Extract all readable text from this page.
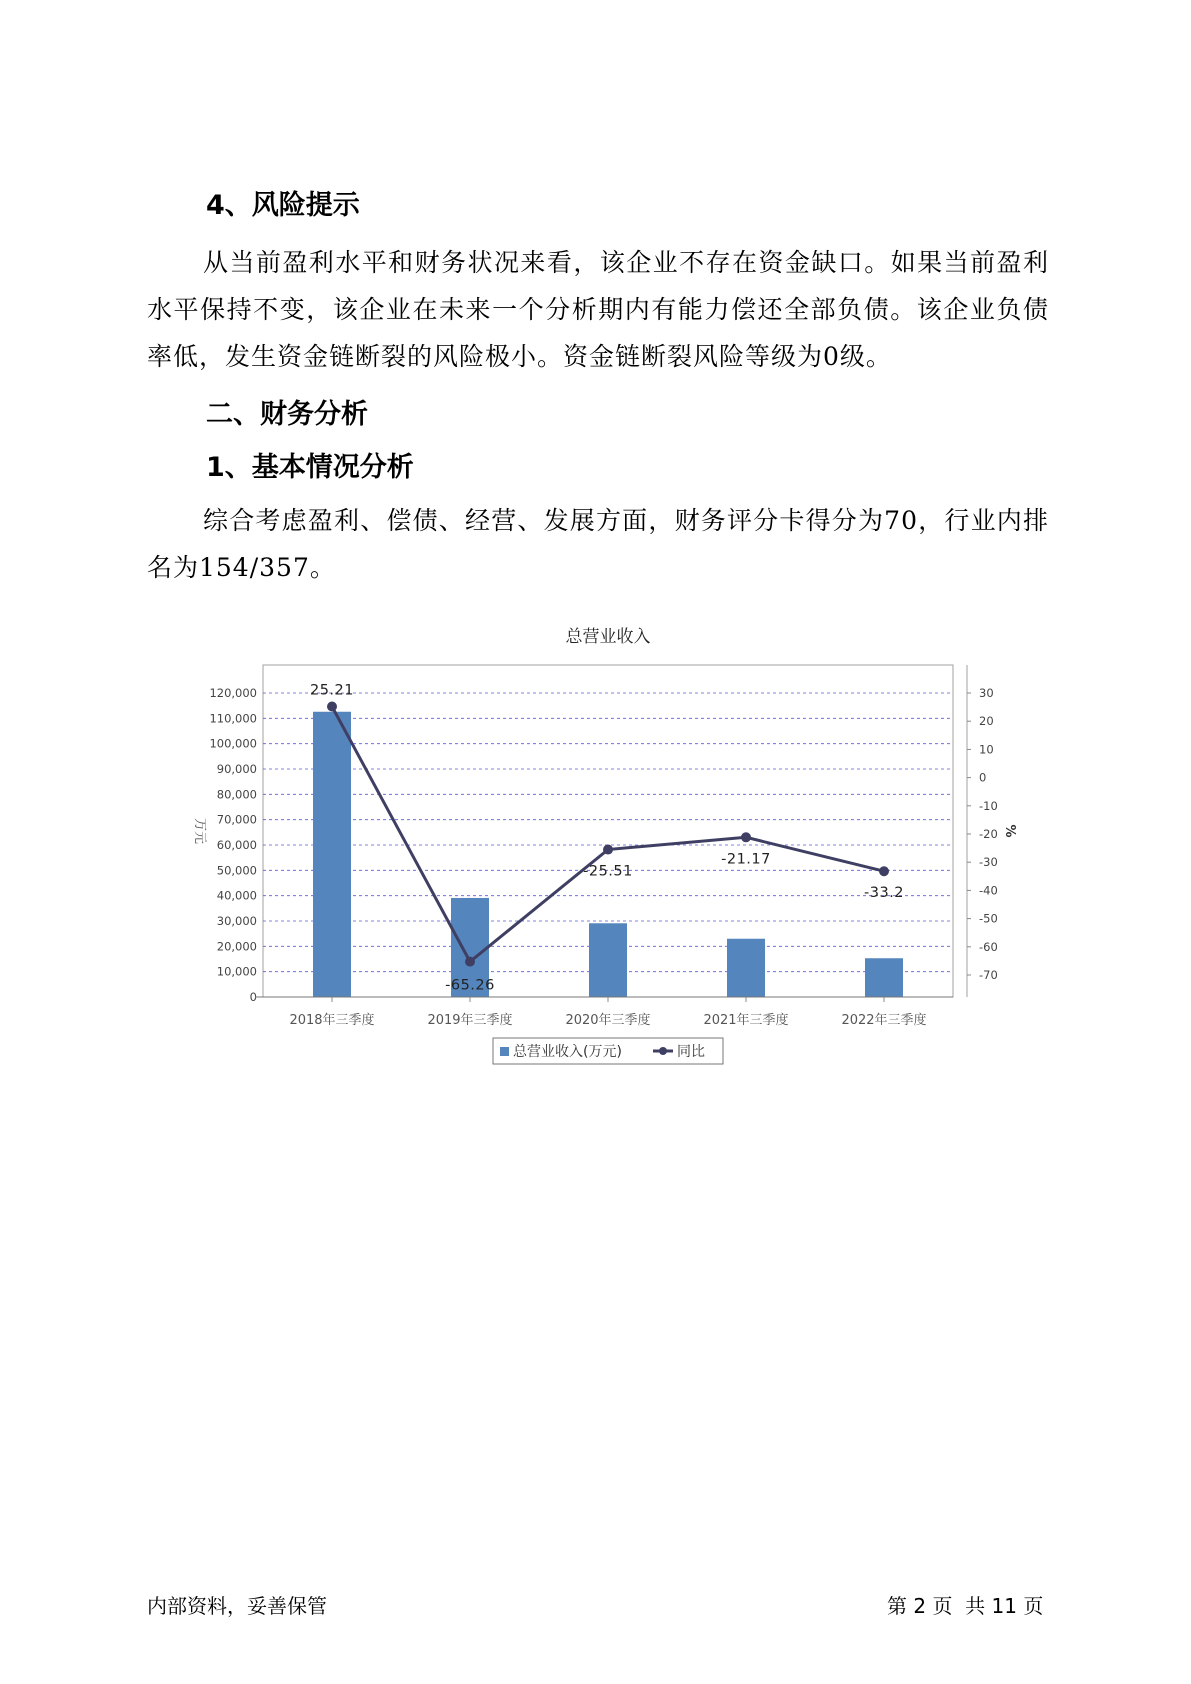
4、风险提示

从当前盈利水平和财务状况来看，该企业不存在资金缺口。如果当前盈利水平保持不变，该企业在未来一个分析期内有能力偿还全部负债。该企业负债率低，发生资金链断裂的风险极小。资金链断裂风险等级为0级。

二、财务分析
1、基本情况分析

综合考虑盈利、偿债、经营、发展方面，财务评分卡得分为70，行业内排名为154/357。

总营业收入
0
10,000
20,000
30,000
40,000
50,000
60,000
70,000
80,000
90,000
100,000
110,000
120,000	30
20
10
0
-10
-20
-30
-40
-50
-60
-70
万元	%
2018年三季度	2019年三季度	2020年三季度	2021年三季度	2022年三季度
25.21
-65.26
-25.51
-21.17
-33.2
总营业收入(万元)	同比
内部资料，妥善保管	第 2 页  共 11 页
